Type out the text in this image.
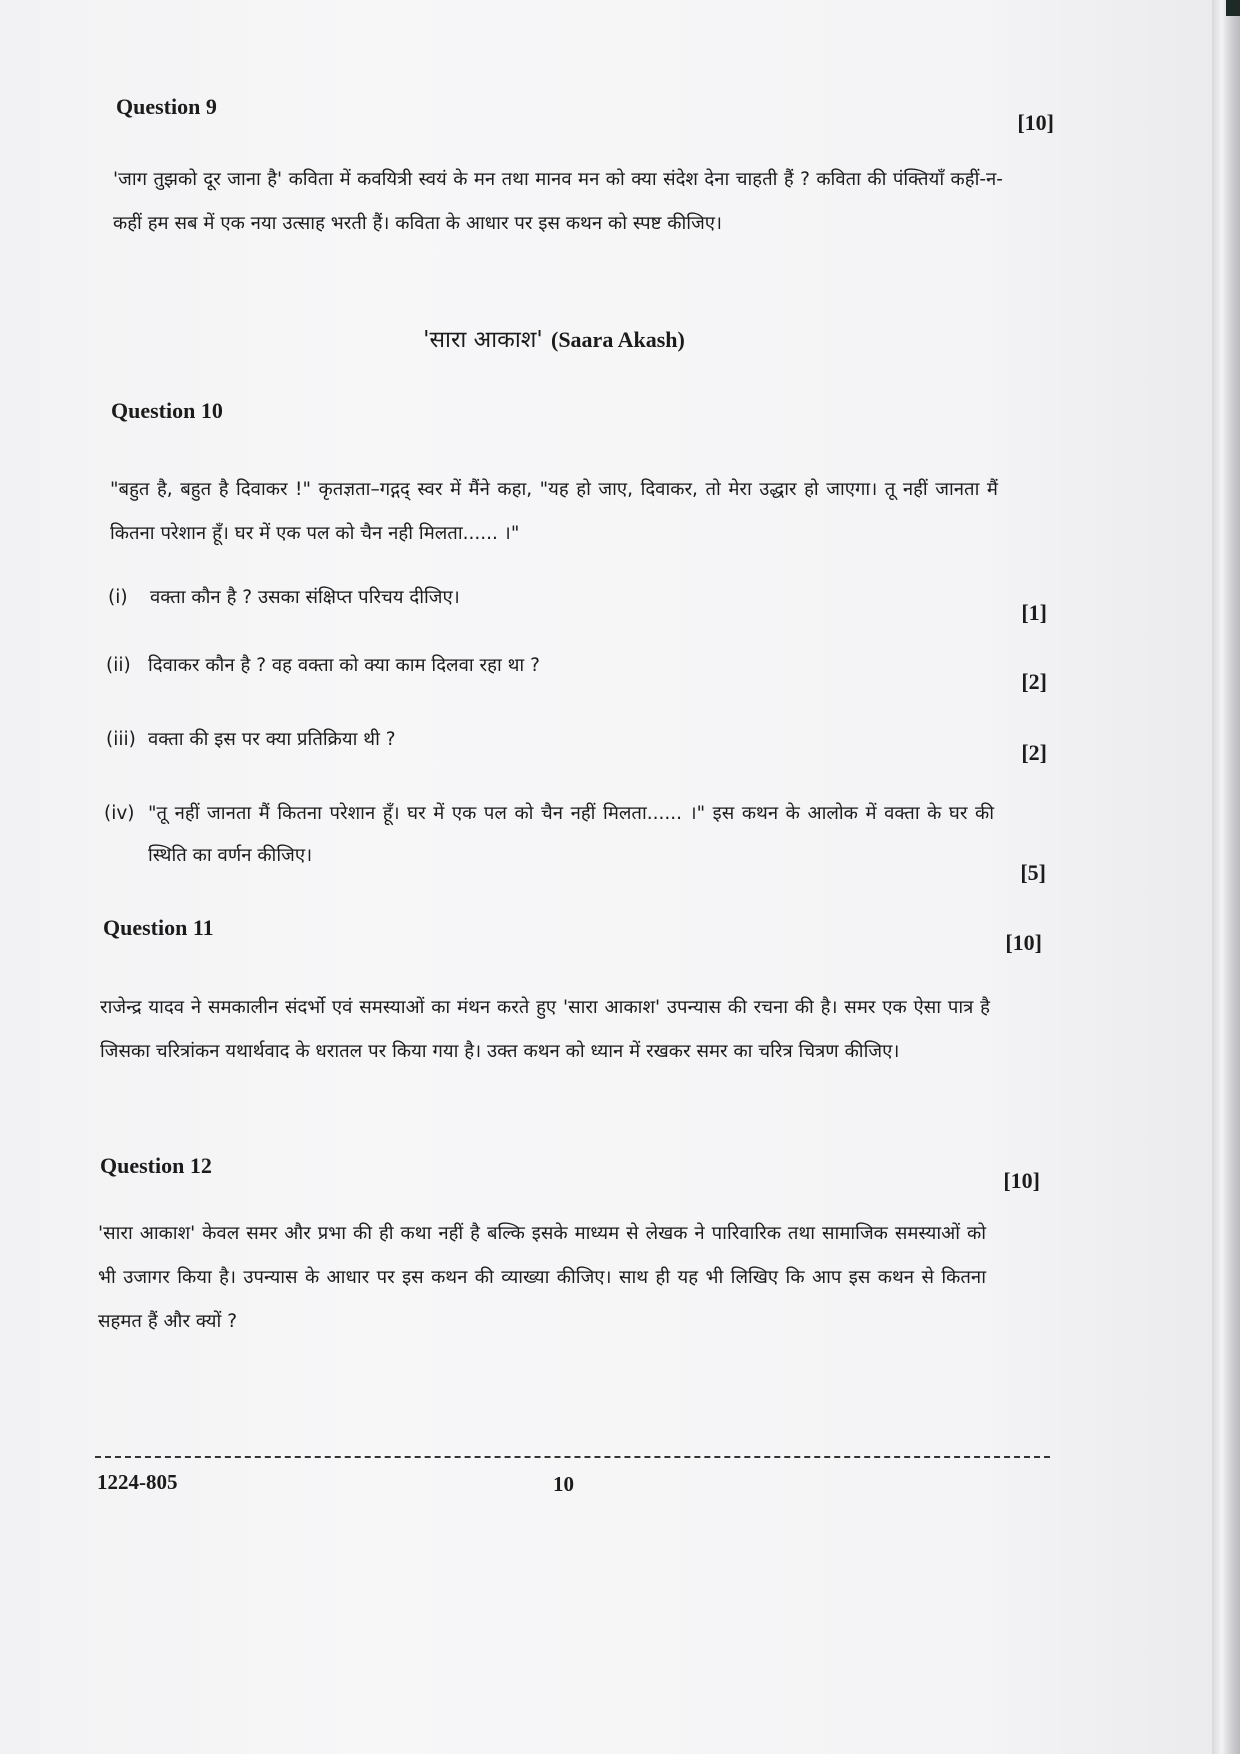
Question 9
[10]
'जाग तुझको दूर जाना है' कविता में कवयित्री स्वयं के मन तथा मानव मन को क्या संदेश देना चाहती हैं ? कविता की पंक्तियाँ कहीं-न-कहीं हम सब में एक नया उत्साह भरती हैं। कविता के आधार पर इस कथन को स्पष्ट कीजिए।
'सारा आकाश' (Saara Akash)
Question 10
"बहुत है, बहुत है दिवाकर !" कृतज्ञता–गद्गद् स्वर में मैंने कहा, "यह हो जाए, दिवाकर, तो मेरा उद्धार हो जाएगा। तू नहीं जानता मैं कितना परेशान हूँ। घर में एक पल को चैन नही मिलता...... ।"
(i) वक्ता कौन है ? उसका संक्षिप्त परिचय दीजिए।
[1]
(ii) दिवाकर कौन है ? वह वक्ता को क्या काम दिलवा रहा था ?
[2]
(iii) वक्ता की इस पर क्या प्रतिक्रिया थी ?
[2]
(iv) "तू नहीं जानता मैं कितना परेशान हूँ। घर में एक पल को चैन नहीं मिलता...... ।" इस कथन के आलोक में वक्ता के घर की स्थिति का वर्णन कीजिए।
[5]
Question 11
[10]
राजेन्द्र यादव ने समकालीन संदर्भो एवं समस्याओं का मंथन करते हुए 'सारा आकाश' उपन्यास की रचना की है। समर एक ऐसा पात्र है जिसका चरित्रांकन यथार्थवाद के धरातल पर किया गया है। उक्त कथन को ध्यान में रखकर समर का चरित्र चित्रण कीजिए।
Question 12
[10]
'सारा आकाश' केवल समर और प्रभा की ही कथा नहीं है बल्कि इसके माध्यम से लेखक ने पारिवारिक तथा सामाजिक समस्याओं को भी उजागर किया है। उपन्यास के आधार पर इस कथन की व्याख्या कीजिए। साथ ही यह भी लिखिए कि आप इस कथन से कितना सहमत हैं और क्यों ?
1224-805	10
